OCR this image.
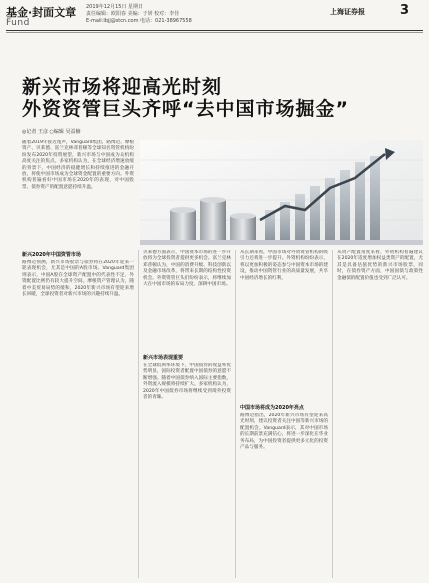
基金·封面文章
Fund
2019年12月15日 星期日
责任编辑：欧阳春 美编：于妍 校对：李佳
E-mail:lbjj@stcn.com 电话：021-38967558
上海证券报	3
新兴市场将迎高光时刻
外资资管巨头齐呼“去中国市场掘金”
◎记者 王彦 ○编辑 吴益楠
随着2019年接近尾声，Vanguard集团、路博迈、摩根资产、贝莱德、富兰克林邓普顿等全球知名资管机构纷纷发布2020年投资展望，新兴市场与中国成为众机构高度关注的焦点。多家机构认为，在全球经济增速放缓的背景下，中国经济的稳健增长和持续推进的金融开放，将使中国市场成为全球资金配置的重要方向。外资机构普遍看好中国市场在2020年的表现，对中国股票、债券资产的配置意愿持续升温。
新兴2020年中国资管市场
路博迈预测，新兴市场股票与债券将在2020年迎来一轮表现机会，尤其是中国的A股市场。Vanguard集团则表示，中国A股在全球资产配置中的代表性不足，外资配置比例仍有较大提升空间。摩根资产管理认为，随着中美贸易局势的缓和，2020年新兴市场有望迎来增长回暖，全球投资者对新兴市场的兴趣持续升温。
贝莱德方面表示，中国资本市场的进一步开放将为全球投资者提供更多机会。富兰克林邓普顿认为，中国的消费升级、科技创新以及金融市场改革，将带来长期的结构性投资机会。外资资管巨头们纷纷表示，将继续加大在中国市场的布局力度，深耕中国市场。
新兴市场表现重要
在全球低利率环境下，中国债券的收益率优势明显，国际投资者配置中国债券的意愿不断增强。随着中国债券纳入国际主要指数，外资流入规模将持续扩大。多家机构认为，2020年中国债券市场将继续受到境外投资者的青睐。
从长期来看，中国市场对外资资管机构的吸引力还将进一步提升。外资机构纷纷表示，将以更加积极的姿态参与中国资本市场的建设，推动中国资管行业的高质量发展，共享中国经济增长的红利。
中国市场将成为2020年亮点
路博迈指出，2020年新兴市场有望迎来高光时刻，建议投资者关注中国等新兴市场的配置机会。Vanguard表示，其对中国市场的长期前景充满信心，将进一步深化在华业务布局，为中国投资者提供更多元化的投资产品与服务。
从资产配置角度来看，外资机构普遍建议在2020年适度增加权益类资产的配置，尤其是具备估值优势的新兴市场股票。同时，在债券资产方面，中国国债与政策性金融债的配置价值也受到广泛认可。
